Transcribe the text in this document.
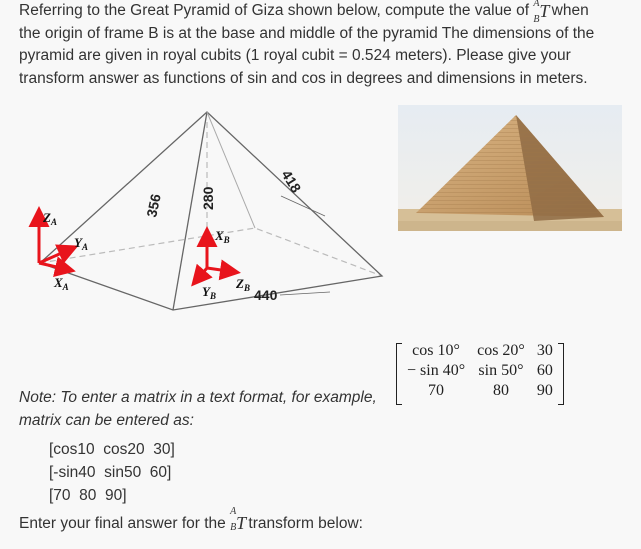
Referring to the Great Pyramid of Giza shown below, compute the value of A
B T when
the origin of frame B is at the base and middle of the pyramid The dimensions of the
pyramid are given in royal cubits (1 royal cubit = 0.524 meters). Please give your
transform answer as functions of sin and cos in degrees and dimensions in meters.
$Z_A$
$Y_A$
$X_A$
$X_B$
$Z_B$
$Y_B$
356	280
418
440
cos 10°	cos 20°	30
− sin 40°	sin 50°	60
70	80	90
Note: To enter a matrix in a text format, for example,
matrix can be entered as:
[cos10  cos20  30]
[-sin40  sin50  60]
[70  80  90]
Enter your final answer for the
A
B T transform below:
